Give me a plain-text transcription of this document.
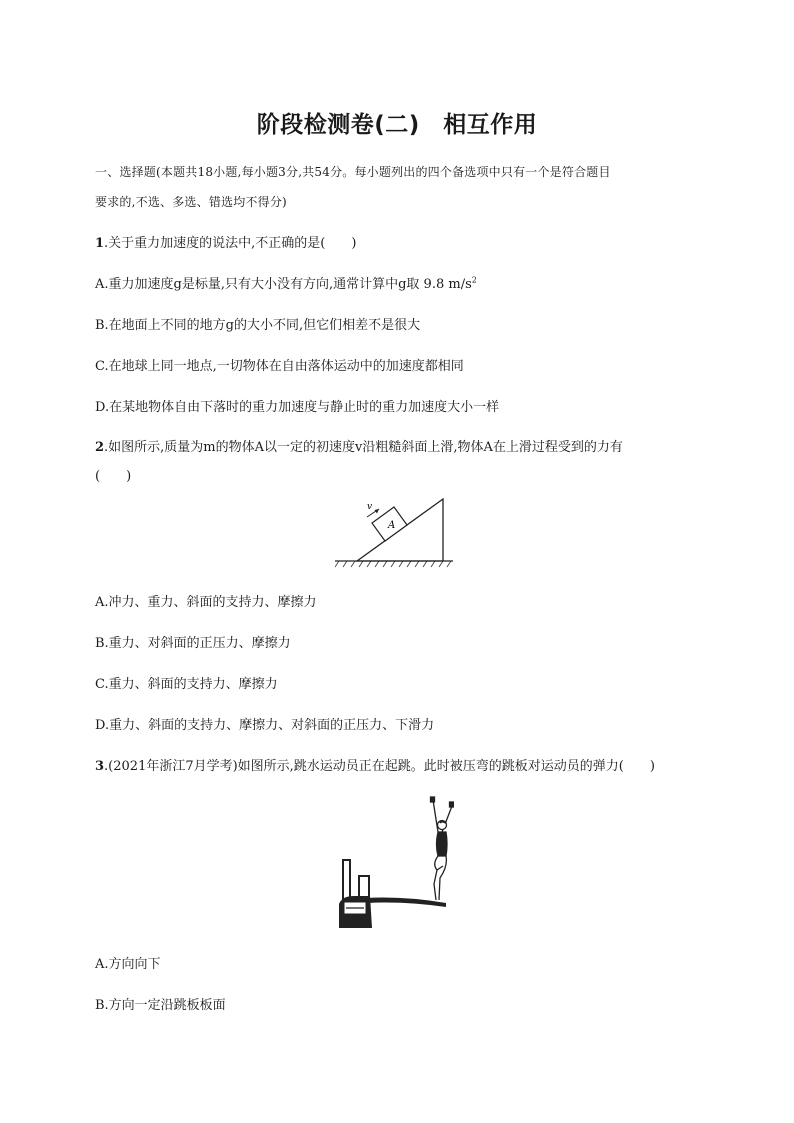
阶段检测卷(二)　相互作用
一、选择题(本题共18小题,每小题3分,共54分。每小题列出的四个备选项中只有一个是符合题目
要求的,不选、多选、错选均不得分)
1.关于重力加速度的说法中,不正确的是(　　)
A.重力加速度g是标量,只有大小没有方向,通常计算中g取 9.8 $m/s^2$
B.在地面上不同的地方g的大小不同,但它们相差不是很大
C.在地球上同一地点,一切物体在自由落体运动中的加速度都相同
D.在某地物体自由下落时的重力加速度与静止时的重力加速度大小一样
2.如图所示,质量为m的物体A以一定的初速度v沿粗糙斜面上滑,物体A在上滑过程受到的力有
(　　)
A
v
A.冲力、重力、斜面的支持力、摩擦力
B.重力、对斜面的正压力、摩擦力
C.重力、斜面的支持力、摩擦力
D.重力、斜面的支持力、摩擦力、对斜面的正压力、下滑力
3.(2021年浙江7月学考)如图所示,跳水运动员正在起跳。此时被压弯的跳板对运动员的弹力(　　)
A.方向向下
B.方向一定沿跳板板面
